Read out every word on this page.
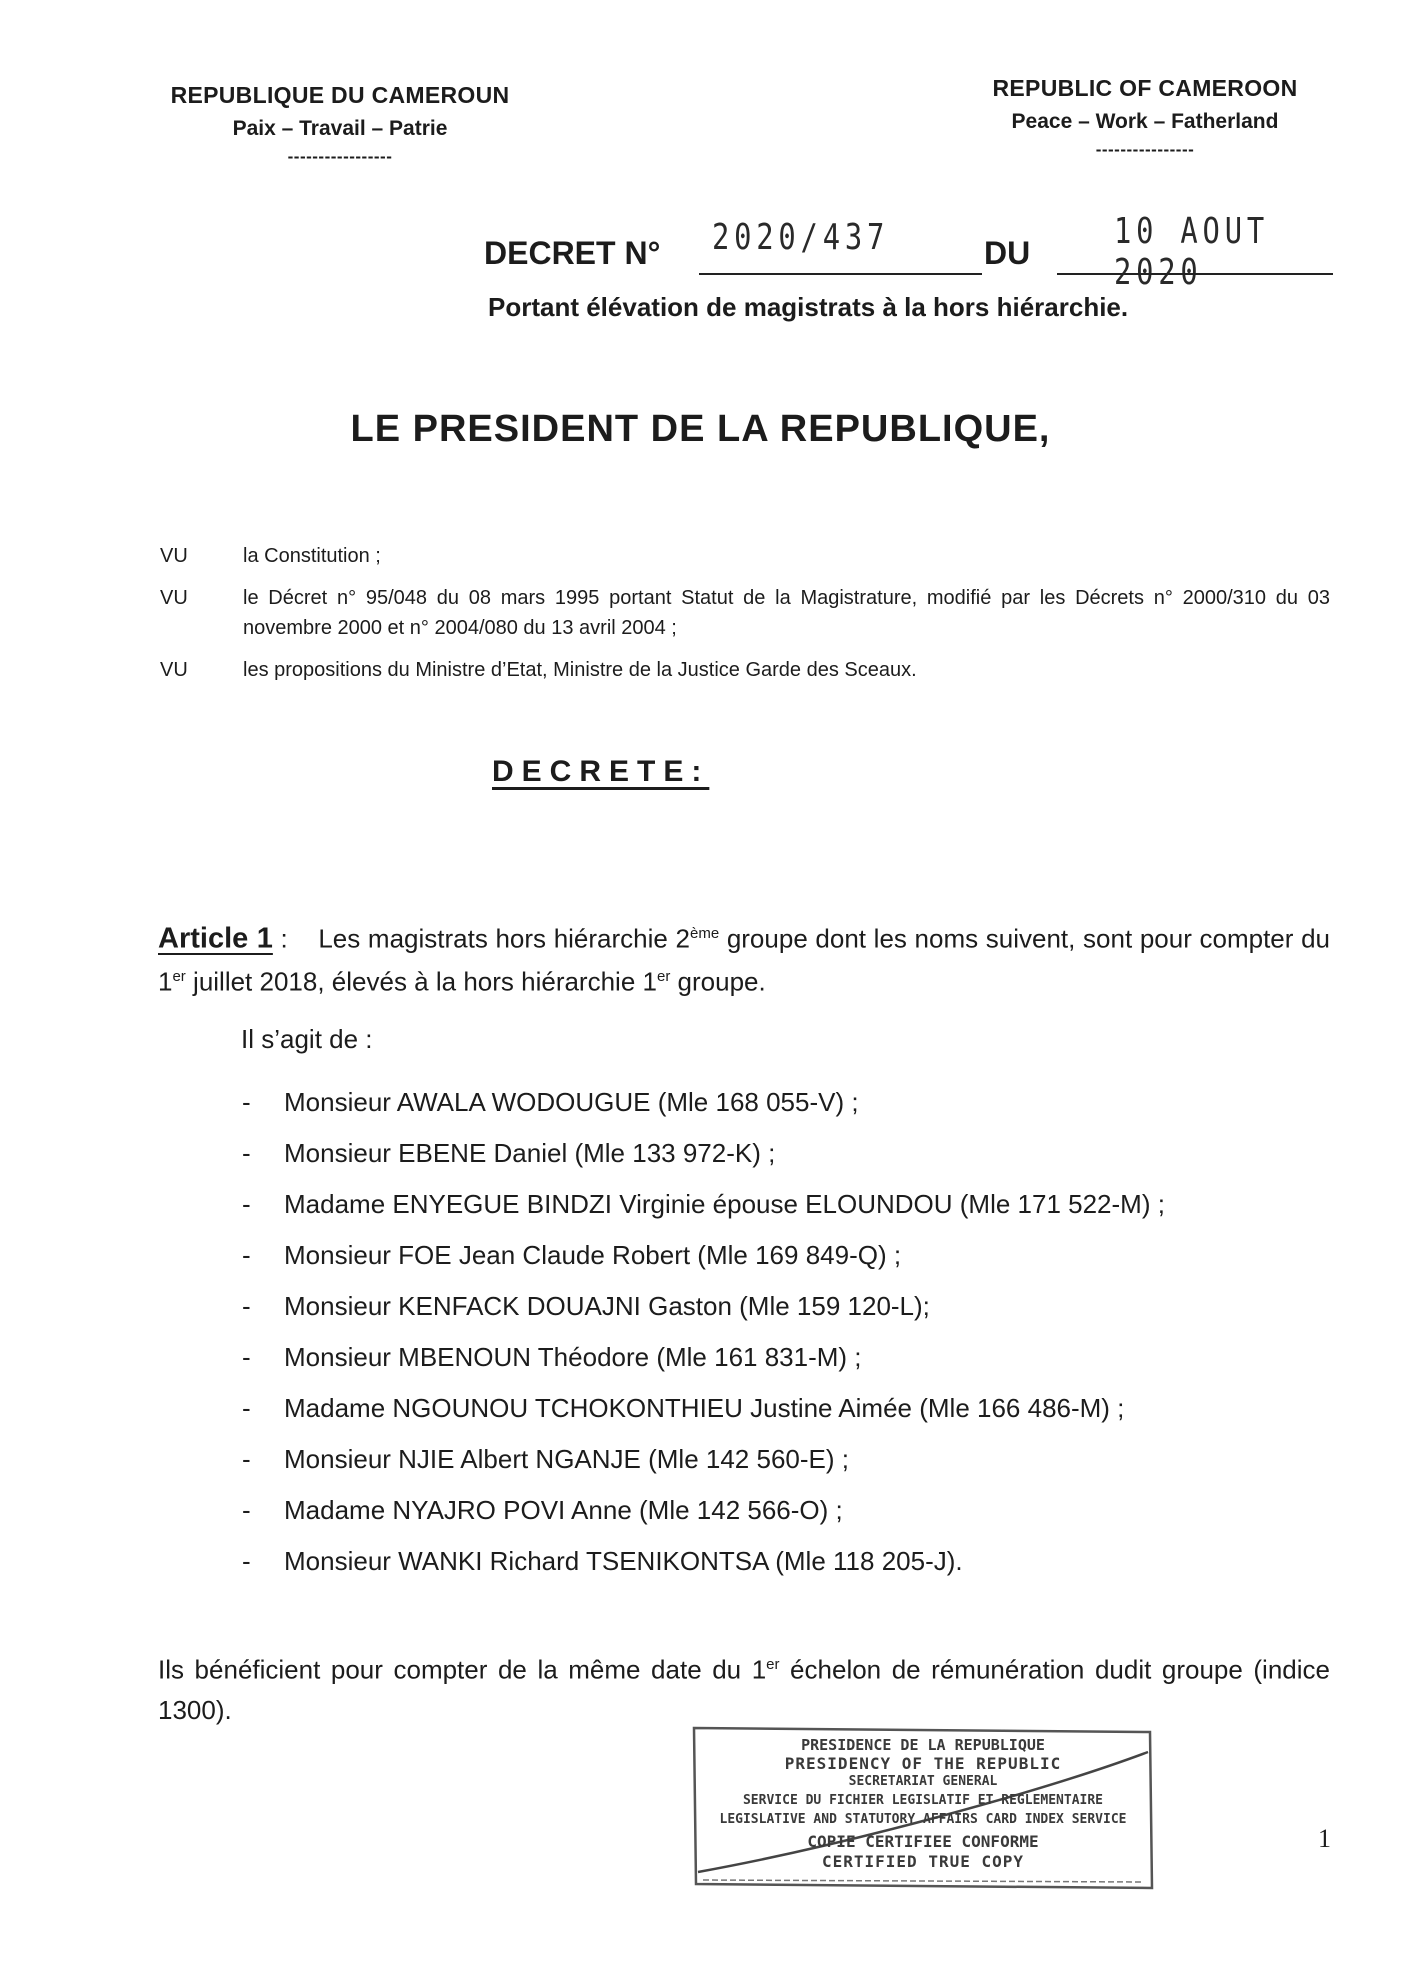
REPUBLIQUE DU CAMEROUN
Paix – Travail – Patrie
-----------------
REPUBLIC OF CAMEROON
Peace – Work – Fatherland
----------------
DECRET N° 2020/437	DU
10 AOUT 2020
Portant élévation de magistrats à la hors hiérarchie.
LE PRESIDENT DE LA REPUBLIQUE,
VU	la Constitution ;
VU	le Décret n° 95/048 du 08 mars 1995 portant Statut de la Magistrature, modifié par les Décrets n° 2000/310 du 03 novembre 2000 et n° 2004/080 du 13 avril 2004 ;
VU	les propositions du Ministre d’Etat, Ministre de la Justice Garde des Sceaux.
DECRETE:
Article 1 : Les magistrats hors hiérarchie 2ème groupe dont les noms suivent, sont pour compter du 1er juillet 2018, élevés à la hors hiérarchie 1er groupe.
Il s’agit de :
- Monsieur AWALA WODOUGUE (Mle 168 055-V) ;
- Monsieur EBENE Daniel (Mle 133 972-K) ;
- Madame ENYEGUE BINDZI Virginie épouse ELOUNDOU (Mle 171 522-M) ;
- Monsieur FOE Jean Claude Robert (Mle 169 849-Q) ;
- Monsieur KENFACK DOUAJNI Gaston (Mle 159 120-L);
- Monsieur MBENOUN Théodore (Mle 161 831-M) ;
- Madame NGOUNOU TCHOKONTHIEU Justine Aimée (Mle 166 486-M) ;
- Monsieur NJIE Albert NGANJE (Mle 142 560-E) ;
- Madame NYAJRO POVI Anne (Mle 142 566-O) ;
- Monsieur WANKI Richard TSENIKONTSA (Mle 118 205-J).
Ils bénéficient pour compter de la même date du 1er échelon de rémunération dudit groupe (indice 1300).
PRESIDENCE DE LA REPUBLIQUE
PRESIDENCY OF THE REPUBLIC
SECRETARIAT GENERAL
SERVICE DU FICHIER LEGISLATIF ET REGLEMENTAIRE
LEGISLATIVE AND STATUTORY AFFAIRS CARD INDEX SERVICE
COPIE CERTIFIEE CONFORME
CERTIFIED TRUE COPY
1
